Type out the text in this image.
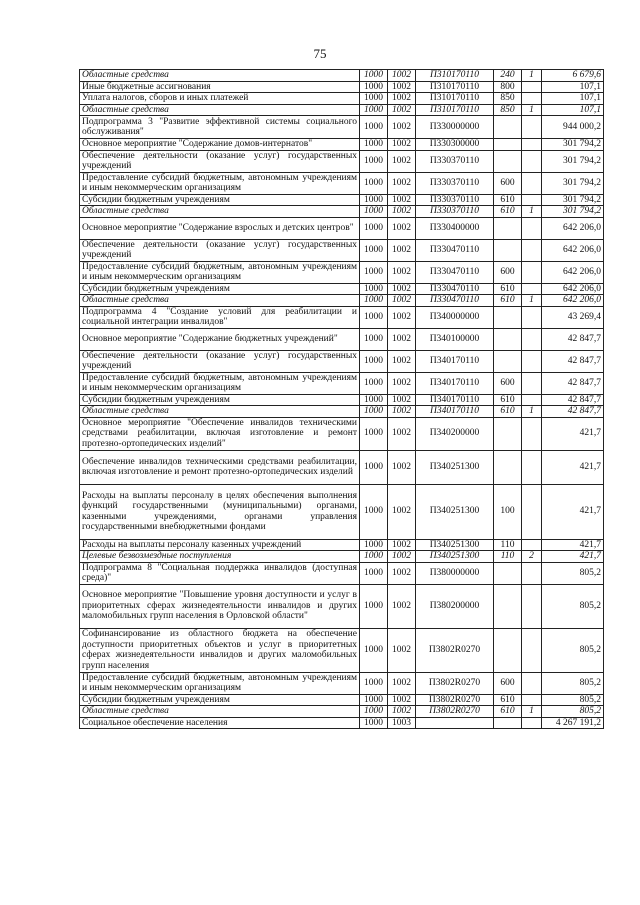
75
Областные средства	1000	1002	П310170110	240	1	6 679,6
Иные бюджетные ассигнования	1000	1002	П310170110	800		107,1
Уплата налогов, сборов и иных платежей	1000	1002	П310170110	850		107,1
Областные средства	1000	1002	П310170110	850	1	107,1
Подпрограмма 3 "Развитие эффективной системы социального обслуживания"	1000	1002	П330000000			944 000,2
Основное мероприятие "Содержание домов-интернатов"	1000	1002	П330300000			301 794,2
Обеспечение деятельности (оказание услуг) государственных учреждений	1000	1002	П330370110			301 794,2
Предоставление субсидий бюджетным, автономным учреждениям и иным некоммерческим организациям	1000	1002	П330370110	600		301 794,2
Субсидии бюджетным учреждениям	1000	1002	П330370110	610		301 794,2
Областные средства	1000	1002	П330370110	610	1	301 794,2
Основное мероприятие "Содержание взрослых и детских центров"	1000	1002	П330400000			642 206,0
Обеспечение деятельности (оказание услуг) государственных учреждений	1000	1002	П330470110			642 206,0
Предоставление субсидий бюджетным, автономным учреждениям и иным некоммерческим организациям	1000	1002	П330470110	600		642 206,0
Субсидии бюджетным учреждениям	1000	1002	П330470110	610		642 206,0
Областные средства	1000	1002	П330470110	610	1	642 206,0
Подпрограмма 4 "Создание условий для реабилитации и социальной интеграции инвалидов"	1000	1002	П340000000			43 269,4
Основное мероприятие "Содержание бюджетных учреждений"	1000	1002	П340100000			42 847,7
Обеспечение деятельности (оказание услуг) государственных учреждений	1000	1002	П340170110			42 847,7
Предоставление субсидий бюджетным, автономным учреждениям и иным некоммерческим организациям	1000	1002	П340170110	600		42 847,7
Субсидии бюджетным учреждениям	1000	1002	П340170110	610		42 847,7
Областные средства	1000	1002	П340170110	610	1	42 847,7
Основное мероприятие "Обеспечение инвалидов техническими средствами реабилитации, включая изготовление и ремонт протезно-ортопедических изделий"	1000	1002	П340200000			421,7
Обеспечение инвалидов техническими средствами реабилитации, включая изготовление и ремонт протезно-ортопедических изделий	1000	1002	П340251300			421,7
Расходы на выплаты персоналу в целях обеспечения выполнения функций государственными (муниципальными) органами, казенными учреждениями, органами управления государственными внебюджетными фондами	1000	1002	П340251300	100		421,7
Расходы на выплаты персоналу казенных учреждений	1000	1002	П340251300	110		421,7
Целевые безвозмездные поступления	1000	1002	П340251300	110	2	421,7
Подпрограмма 8 "Социальная поддержка инвалидов (доступная среда)"	1000	1002	П380000000			805,2
Основное мероприятие "Повышение уровня доступности и услуг в приоритетных сферах жизнедеятельности инвалидов и других маломобильных групп населения в Орловской области"	1000	1002	П380200000			805,2
Софинансирование из областного бюджета на обеспечение доступности приоритетных объектов и услуг в приоритетных сферах жизнедеятельности инвалидов и других маломобильных групп населения	1000	1002	П3802R0270			805,2
Предоставление субсидий бюджетным, автономным учреждениям и иным некоммерческим организациям	1000	1002	П3802R0270	600		805,2
Субсидии бюджетным учреждениям	1000	1002	П3802R0270	610		805,2
Областные средства	1000	1002	П3802R0270	610	1	805,2
Социальное обеспечение населения	1000	1003				4 267 191,2
